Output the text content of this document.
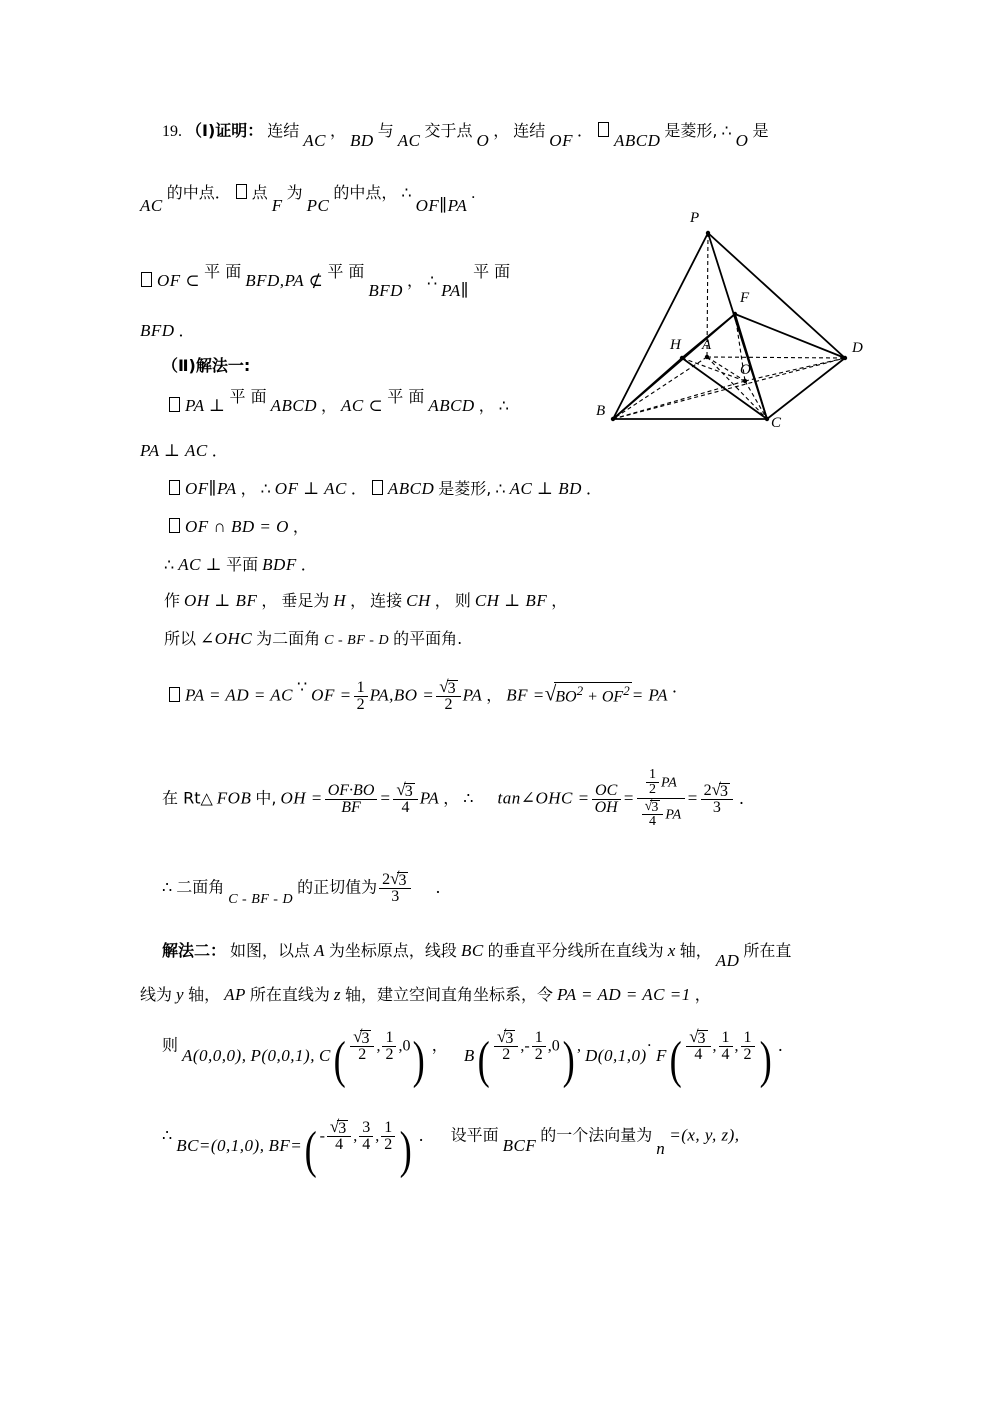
19. （Ⅰ)证明： 连结 AC ， BD 与 AC 交于点 O ， 连结 OF ． ABCD 是菱形, ∴ O 是
AC 的中点． 点 F 为 PC 的中点， ∴ OF∥PA .
OF ⊂ 平 面 BFD,PA ⊄ 平 面 BFD ， ∴ PA∥ 平 面
BFD ．
（Ⅱ)解法一:
PA ⊥ 平 面 ABCD ， AC ⊂ 平 面 ABCD ， ∴
PA ⊥ AC ．
OF∥PA ， ∴ OF ⊥ AC ． ABCD 是菱形, ∴ AC ⊥ BD ．
OF ∩ BD = O ，
∴ AC ⊥ 平面 BDF ．
作 OH ⊥ BF ， 垂足为 H ， 连接 CH ， 则 CH ⊥ BF ，
所以 ∠OHC 为二面角 C - BF - D 的平面角.
PA = AD = AC ∵ OF = $\frac{1}{2} PA,BO = \frac{√3}{2}$ PA ， BF $=√BO^2 + OF^2$ = PA ．
在 Rt△ FOB 中, OH = $\frac{OF\cdot BO}{BF} = \frac{√3}{4}$ PA ， ∴ tan∠OHC = $\frac{OC}{OH} = \frac{\frac{1}{2} PA}{\frac{√3}{4} PA} = \frac{2√3}{3}$ ．
∴ 二面角 C - BF - D 的正切值为 $\frac{2√3}{3}$ ．
解法二： 如图，以点 A 为坐标原点，线段 BC 的垂直平分线所在直线为 x 轴， AD 所在直
线为 y 轴， AP 所在直线为 z 轴，建立空间直角坐标系，令 PA = AD = AC =1 ，
则 A(0,0,0), P(0,0,1), $C( \frac{√3}{2}$ , $\frac{1}{2} ,0$) ，  $B( \frac{√3}{2}$ ,- $\frac{1}{2} ,0$) , $D(0,1,0)\cdot F( \frac{√3}{4}$ , $\frac{1}{4}$ , $\frac{1}{2}$ ) ．
∴ ⃞⃞⃗
BC=(0,1,0),
⃞⃞⃗
$BF=( - \frac{√3}{4}$ , $\frac{3}{4}$ , $\frac{1}{2}$ ) ． 设平面 BCF 的一个法向量为 n =(x, y, z),
P
F
H A	D
O
B
C
